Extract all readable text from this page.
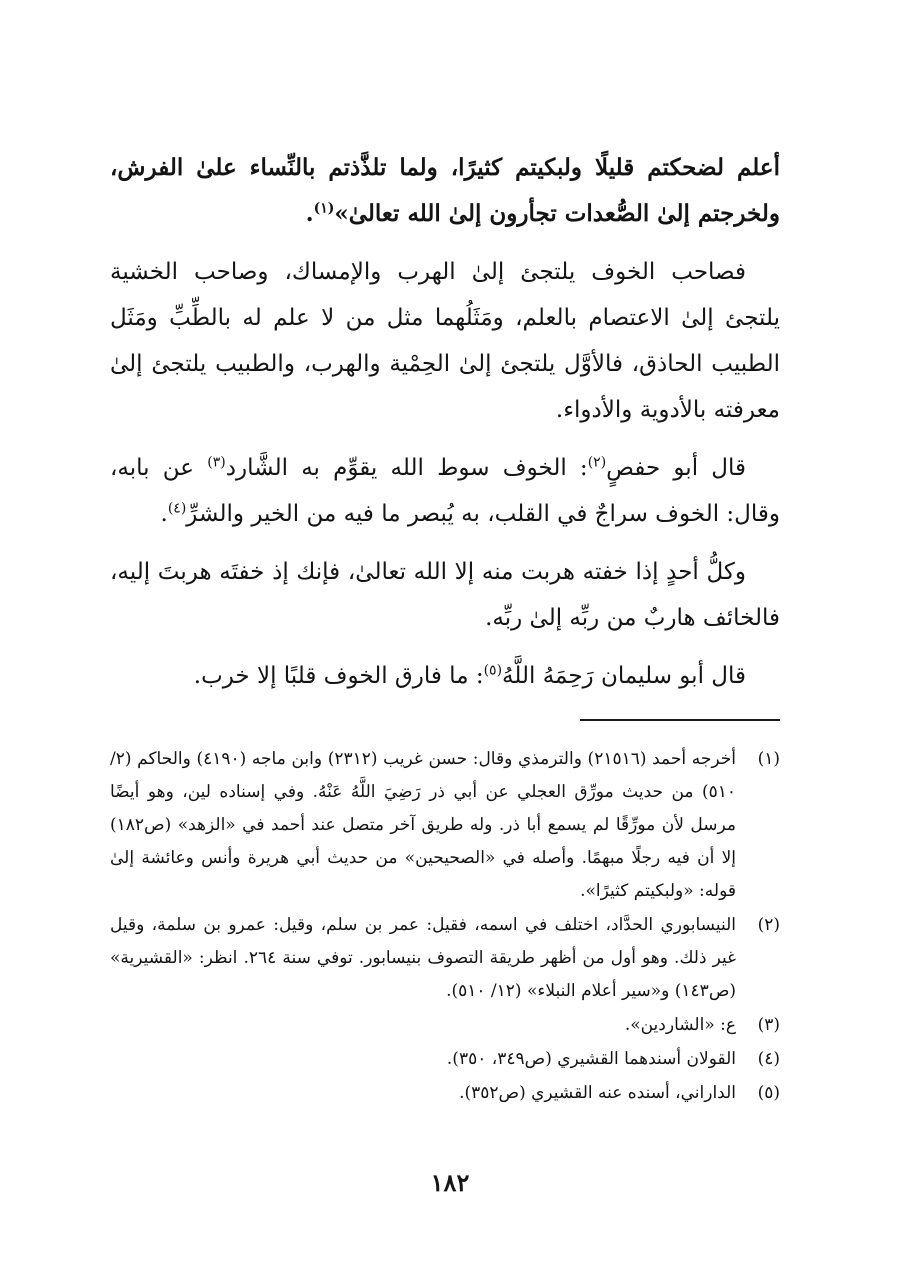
أعلم لضحكتم قليلًا ولبكيتم كثيرًا، ولما تلذَّذتم بالنِّساء علىٰ الفرش، ولخرجتم إلىٰ الصُّعدات تجأرون إلىٰ الله تعالىٰ»$^{(١)}$.

فصاحب الخوف يلتجئ إلىٰ الهرب والإمساك، وصاحب الخشية يلتجئ إلىٰ الاعتصام بالعلم، ومَثَلُهما مثل من لا علم له بالطِّبِّ ومَثَل الطبيب الحاذق، فالأوَّل يلتجئ إلىٰ الحِمْية والهرب، والطبيب يلتجئ إلىٰ معرفته بالأدوية والأدواء.

قال أبو حفصٍ$^{(٢)}$: الخوف سوط الله يقوِّم به الشَّارد$^{(٣)}$ عن بابه، وقال: الخوف سراجٌ في القلب، به يُبصر ما فيه من الخير والشرِّ$^{(٤)}$.

وكلُّ أحدٍ إذا خفته هربت منه إلا الله تعالىٰ، فإنك إذ خفتَه هربتَ إليه، فالخائف هاربٌ من ربِّه إلىٰ ربِّه.

قال أبو سليمان رَحِمَهُ اللَّهُ$^{(٥)}$: ما فارق الخوف قلبًا إلا خرب.

(١)
أخرجه أحمد (٢١٥١٦) والترمذي وقال: حسن غريب (٢٣١٢) وابن ماجه (٤١٩٠) والحاكم (٢/ ٥١٠) من حديث مورِّق العجلي عن أبي ذر رَضِيَ اللَّهُ عَنْهُ. وفي إسناده لين، وهو أيضًا مرسل لأن مورِّقًا لم يسمع أبا ذر. وله طريق آخر متصل عند أحمد في «الزهد» (ص١٨٢) إلا أن فيه رجلًا مبهمًا. وأصله في «الصحيحين» من حديث أبي هريرة وأنس وعائشة إلىٰ قوله: «ولبكيتم كثيرًا».
(٢)
النيسابوري الحدَّاد، اختلف في اسمه، فقيل: عمر بن سلم، وقيل: عمرو بن سلمة، وقيل غير ذلك. وهو أول من أظهر طريقة التصوف بنيسابور. توفي سنة ٢٦٤. انظر: «القشيرية» (ص١٤٣) و«سير أعلام النبلاء» (١٢/ ٥١٠).
(٣)
ع: «الشاردين».
(٤)
القولان أسندهما القشيري (ص٣٤٩، ٣٥٠).
(٥)
الداراني، أسنده عنه القشيري (ص٣٥٢).
١٨٢
